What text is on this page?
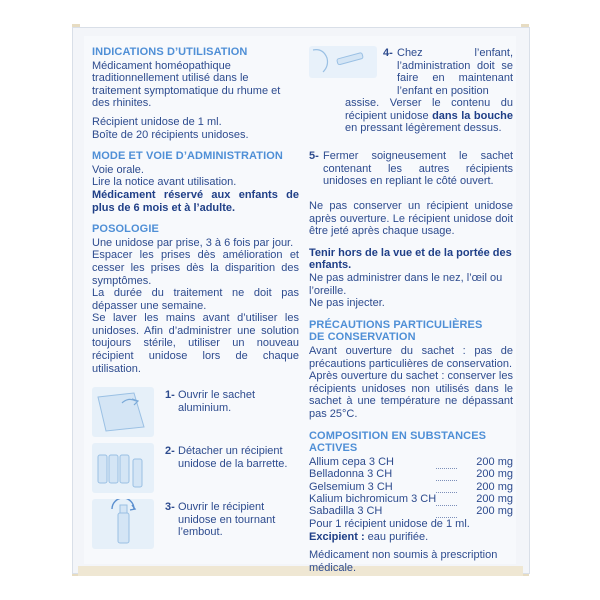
INDICATIONS D’UTILISATION

Médicament homéopathique traditionnellement utilisé dans le traitement symptomatique du rhume et des rhinites.

Récipient unidose de 1 ml.

Boîte de 20 récipients unidoses.

MODE ET VOIE D’ADMINISTRATION

Voie orale.

Lire la notice avant utilisation.

Médicament réservé aux enfants de plus de 6 mois et à l’adulte.

POSOLOGIE

Une unidose par prise, 3 à 6 fois par jour.

Espacer les prises dès amélioration et cesser les prises dès la disparition des symptômes.

La durée du traitement ne doit pas dépasser une semaine.

Se laver les mains avant d’utiliser les unidoses. Afin d’administrer une solution toujours stérile, utiliser un nouveau récipient unidose lors de chaque utilisation.

1- Ouvrir le sachet aluminium.
2- Détacher un récipient unidose de la barrette.
3- Ouvrir le récipient unidose en tournant l’embout.
4- Chez l’enfant, l’administration doit se faire en maintenant l’enfant en position
assise. Verser le contenu du récipient unidose dans la bouche en pressant légèrement dessus.
5- Fermer soigneusement le sachet contenant les autres récipients unidoses en repliant le côté ouvert.

Ne pas conserver un récipient unidose après ouverture. Le récipient unidose doit être jeté après chaque usage.

Tenir hors de la vue et de la portée des enfants.

Ne pas administrer dans le nez, l’œil ou l’oreille.

Ne pas injecter.

PRÉCAUTIONS PARTICULIÈRES
DE CONSERVATION

Avant ouverture du sachet : pas de précautions particulières de conservation.

Après ouverture du sachet : conserver les récipients unidoses non utilisés dans le sachet à une température ne dépassant pas 25°C.

COMPOSITION EN SUBSTANCES ACTIVES
Allium cepa 3 CH		200 mg
Belladonna 3 CH		200 mg
Gelsemium 3 CH		200 mg
Kalium bichromicum 3 CH		200 mg
Sabadilla 3 CH		200 mg

Pour 1 récipient unidose de 1 ml.

Excipient : eau purifiée.

Médicament non soumis à prescription médicale.
